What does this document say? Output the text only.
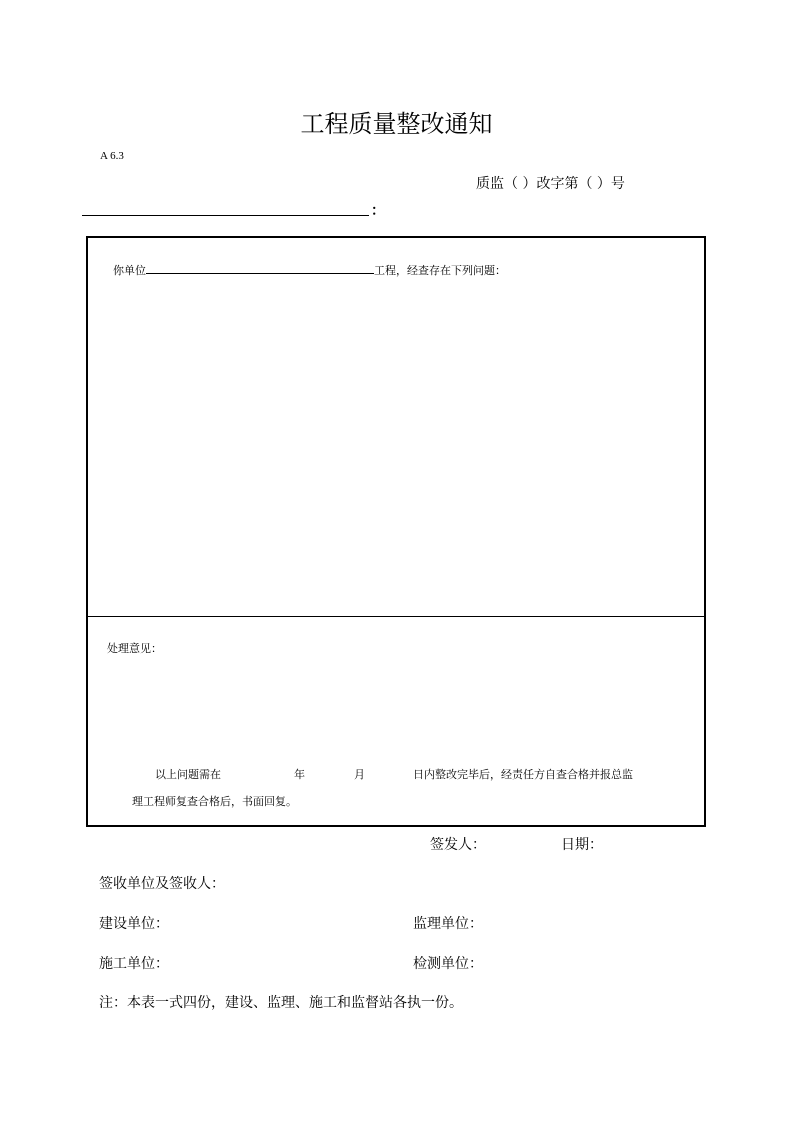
工程质量整改通知
A 6.3
质监（ ）改字第（ ）号
：
你单位	工程，经查存在下列问题：
处理意见：
以上问题需在	年	月	日内整改完毕后，经责任方自查合格并报总监
理工程师复查合格后，书面回复。
签发人：	日期：
签收单位及签收人：
建设单位：	监理单位：
施工单位：	检测单位：
注：本表一式四份，建设、监理、施工和监督站各执一份。
